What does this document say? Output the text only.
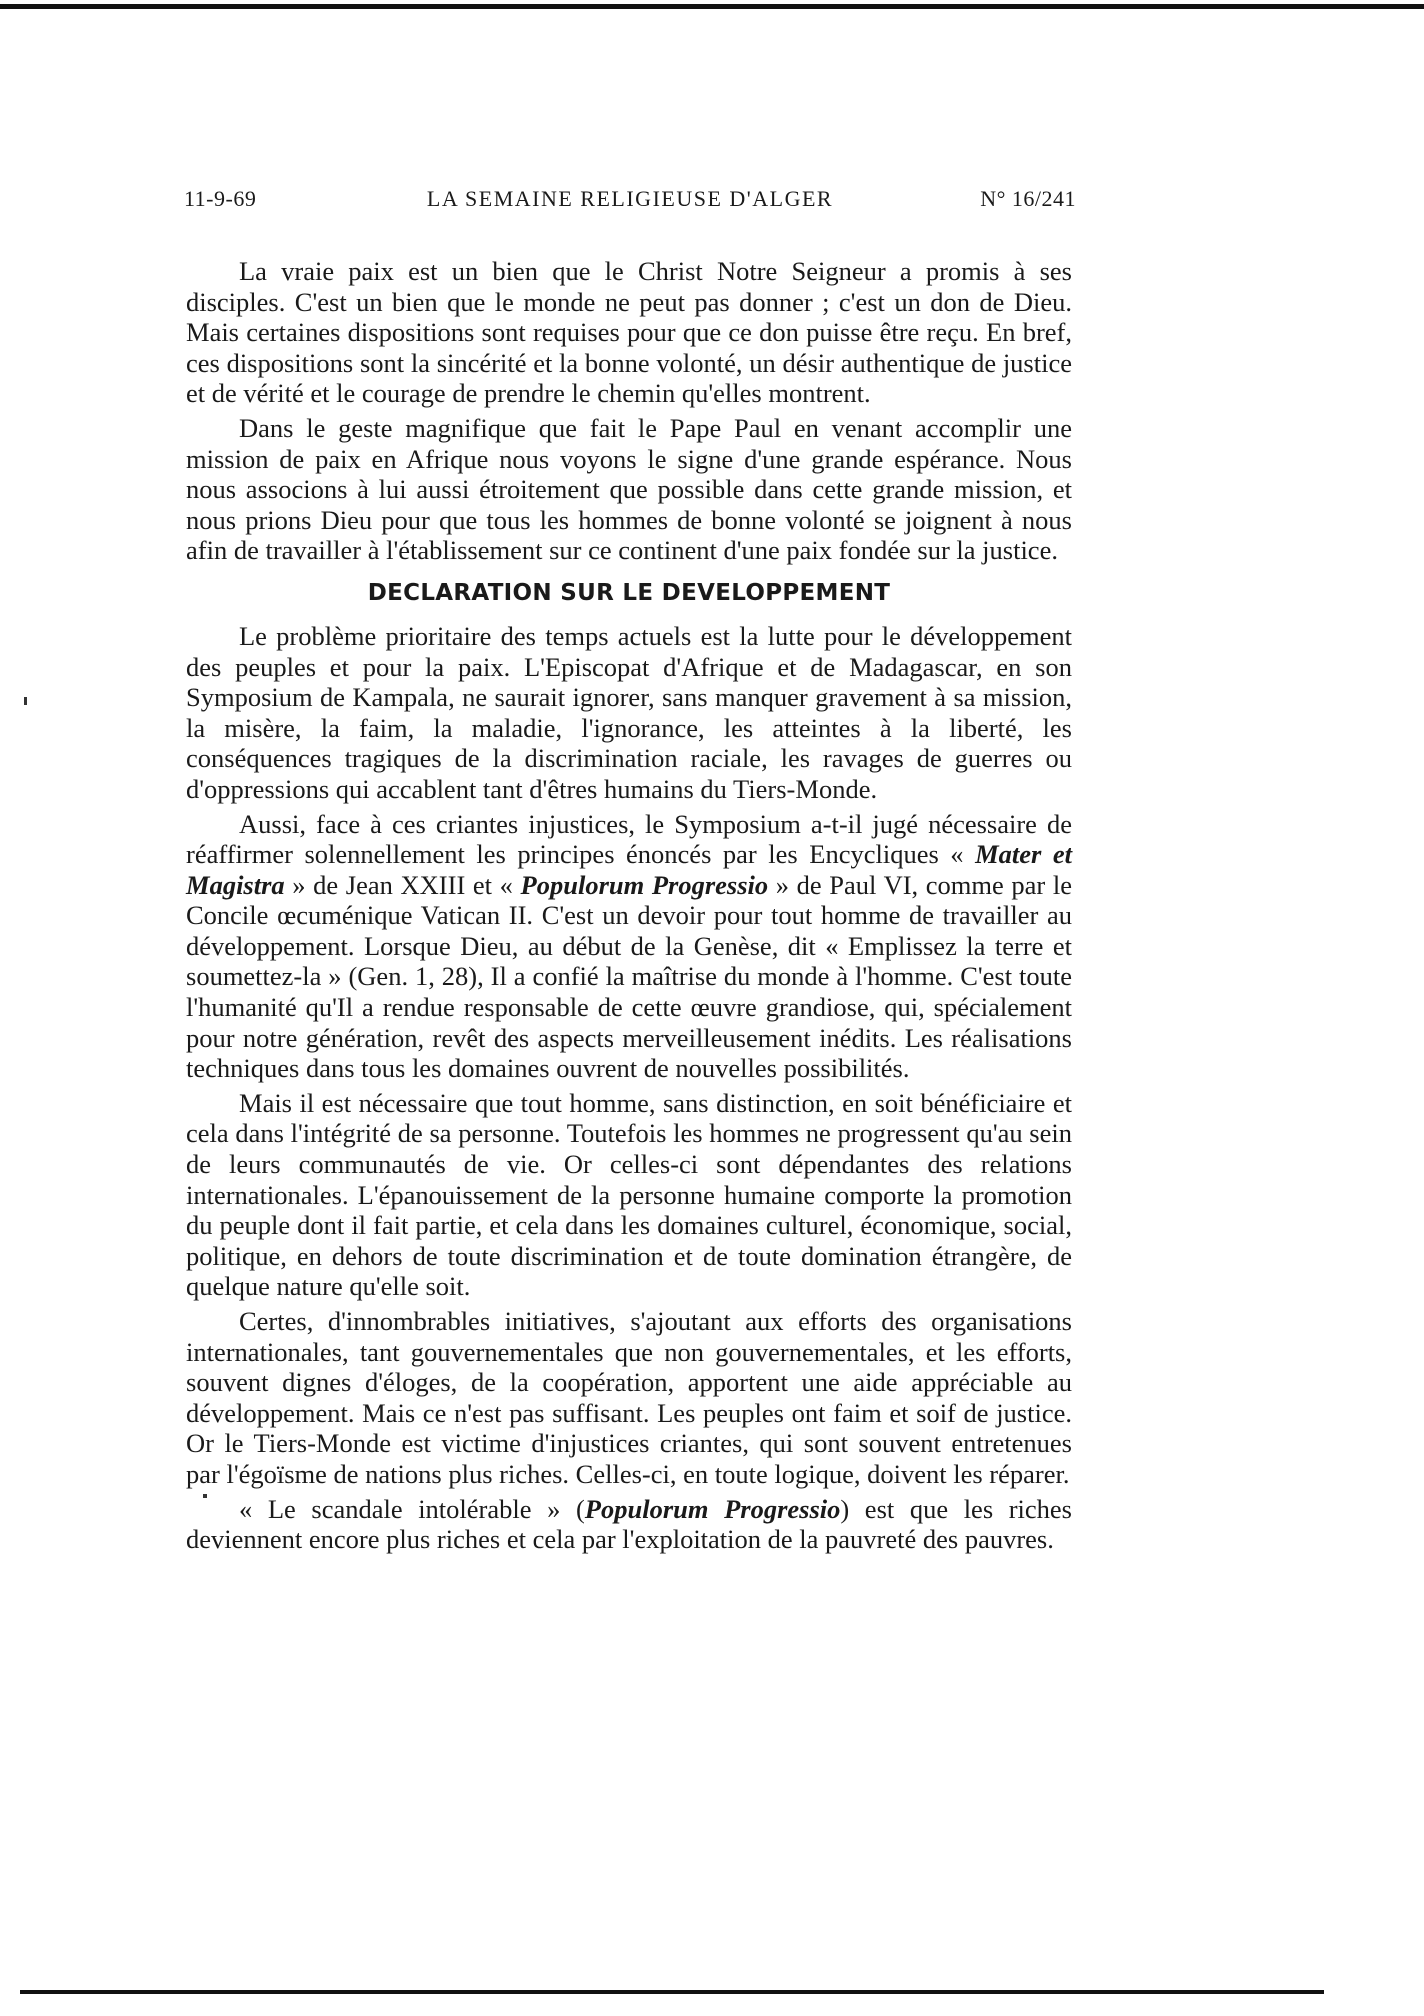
11-9-69	LA SEMAINE RELIGIEUSE D'ALGER	N° 16/241

La vraie paix est un bien que le Christ Notre Seigneur a promis à ses disciples. C'est un bien que le monde ne peut pas donner ; c'est un don de Dieu. Mais certaines dispositions sont requises pour que ce don puisse être reçu. En bref, ces dispositions sont la sincérité et la bonne volonté, un désir authentique de justice et de vérité et le courage de prendre le chemin qu'elles montrent.

Dans le geste magnifique que fait le Pape Paul en venant accomplir une mission de paix en Afrique nous voyons le signe d'une grande espérance. Nous nous associons à lui aussi étroitement que possible dans cette grande mission, et nous prions Dieu pour que tous les hommes de bonne volonté se joignent à nous afin de travailler à l'établissement sur ce continent d'une paix fondée sur la justice.

DECLARATION SUR LE DEVELOPPEMENT

Le problème prioritaire des temps actuels est la lutte pour le développement des peuples et pour la paix. L'Episcopat d'Afrique et de Madagascar, en son Symposium de Kampala, ne saurait ignorer, sans manquer gravement à sa mission, la misère, la faim, la maladie, l'ignorance, les atteintes à la liberté, les conséquences tragiques de la discrimination raciale, les ravages de guerres ou d'oppressions qui accablent tant d'êtres humains du Tiers-Monde.

Aussi, face à ces criantes injustices, le Symposium a-t-il jugé nécessaire de réaffirmer solennellement les principes énoncés par les Encycliques « Mater et Magistra » de Jean XXIII et « Populorum Progressio » de Paul VI, comme par le Concile œcuménique Vatican II. C'est un devoir pour tout homme de travailler au développement. Lorsque Dieu, au début de la Genèse, dit « Emplissez la terre et soumettez-la » (Gen. 1, 28), Il a confié la maîtrise du monde à l'homme. C'est toute l'humanité qu'Il a rendue responsable de cette œuvre grandiose, qui, spécialement pour notre génération, revêt des aspects merveilleusement inédits. Les réalisations techniques dans tous les domaines ouvrent de nouvelles possibilités.

Mais il est nécessaire que tout homme, sans distinction, en soit bénéficiaire et cela dans l'intégrité de sa personne. Toutefois les hommes ne progressent qu'au sein de leurs communautés de vie. Or celles-ci sont dépendantes des relations internationales. L'épanouissement de la personne humaine comporte la promotion du peuple dont il fait partie, et cela dans les domaines culturel, économique, social, politique, en dehors de toute discrimination et de toute domination étrangère, de quelque nature qu'elle soit.

Certes, d'innombrables initiatives, s'ajoutant aux efforts des organisations internationales, tant gouvernementales que non gouvernementales, et les efforts, souvent dignes d'éloges, de la coopération, apportent une aide appréciable au développement. Mais ce n'est pas suffisant. Les peuples ont faim et soif de justice. Or le Tiers-Monde est victime d'injustices criantes, qui sont souvent entretenues par l'égoïsme de nations plus riches. Celles-ci, en toute logique, doivent les réparer.

« Le scandale intolérable » (Populorum Progressio) est que les riches deviennent encore plus riches et cela par l'exploitation de la pauvreté des pauvres.
